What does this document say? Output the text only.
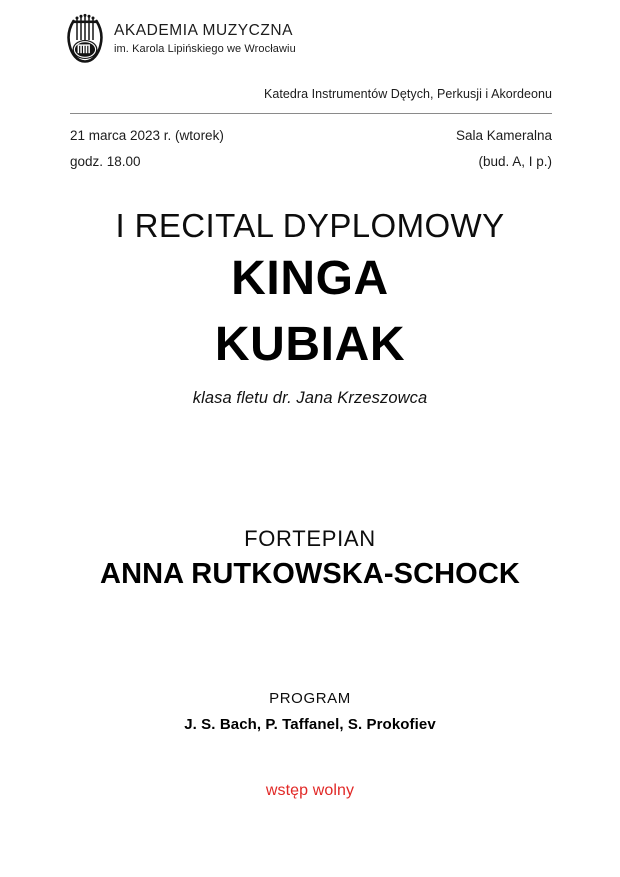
AKADEMIA MUZYCZNA
im. Karola Lipińskiego we Wrocławiu
Katedra Instrumentów Dętych, Perkusji i Akordeonu
21 marca 2023 r. (wtorek)	Sala Kameralna
godz. 18.00	(bud. A, I p.)
I RECITAL DYPLOMOWY
KINGA
KUBIAK
klasa fletu dr. Jana Krzeszowca
FORTEPIAN
ANNA RUTKOWSKA-SCHOCK
PROGRAM
J. S. Bach, P. Taffanel, S. Prokofiev
wstęp wolny
